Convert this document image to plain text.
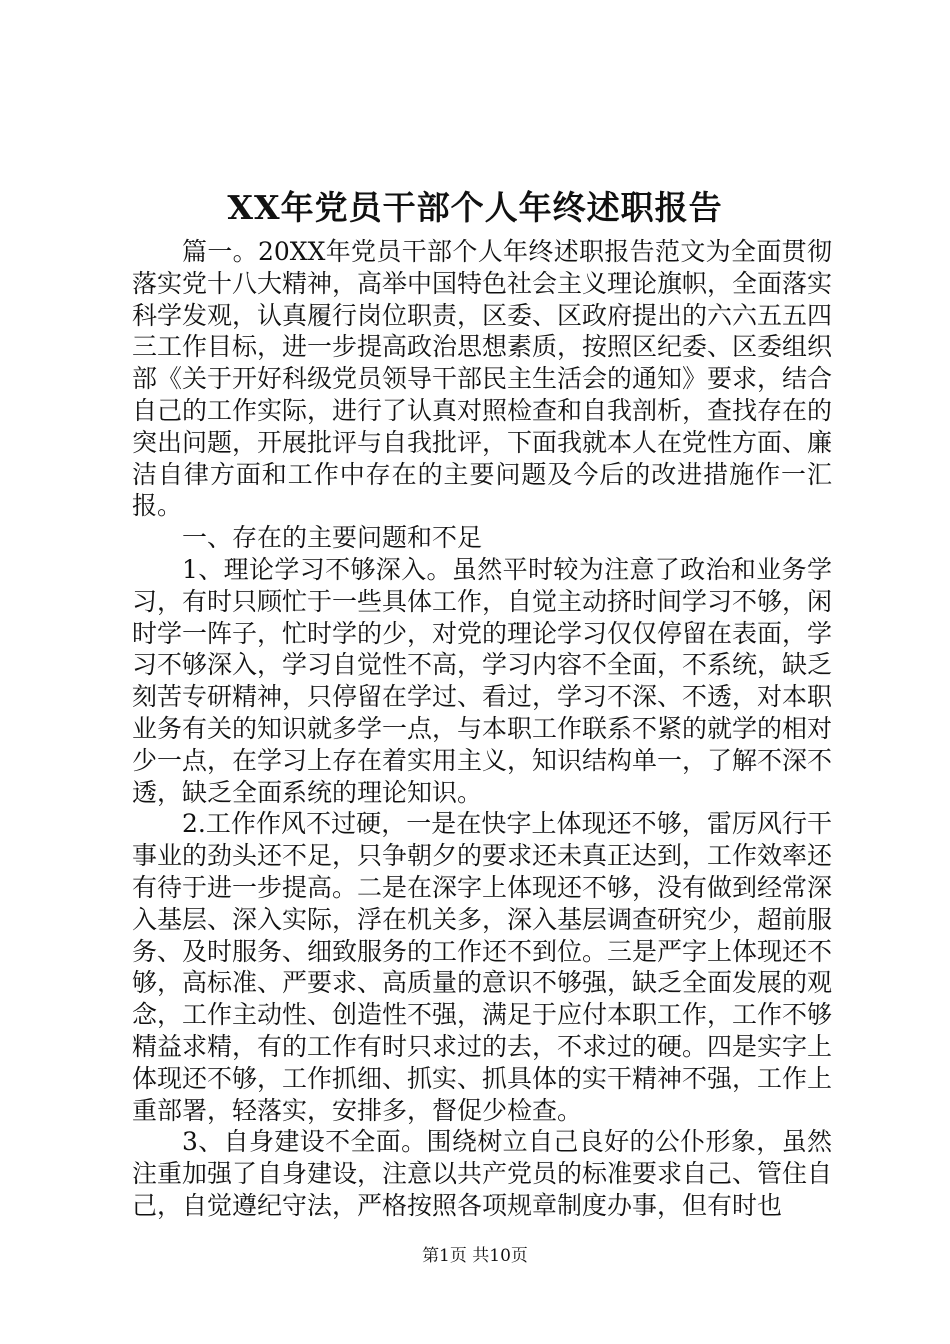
XX年党员干部个人年终述职报告

篇一。20XX年党员干部个人年终述职报告范文为全面贯彻落实党十八大精神，高举中国特色社会主义理论旗帜，全面落实科学发观，认真履行岗位职责，区委、区政府提出的六六五五四三工作目标，进一步提高政治思想素质，按照区纪委、区委组织部《关于开好科级党员领导干部民主生活会的通知》要求，结合自己的工作实际，进行了认真对照检查和自我剖析，查找存在的突出问题，开展批评与自我批评，下面我就本人在党性方面、廉洁自律方面和工作中存在的主要问题及今后的改进措施作一汇报。

一、存在的主要问题和不足

1、理论学习不够深入。虽然平时较为注意了政治和业务学习，有时只顾忙于一些具体工作，自觉主动挤时间学习不够，闲时学一阵子，忙时学的少，对党的理论学习仅仅停留在表面，学习不够深入，学习自觉性不高，学习内容不全面，不系统，缺乏刻苦专研精神，只停留在学过、看过，学习不深、不透，对本职业务有关的知识就多学一点，与本职工作联系不紧的就学的相对少一点，在学习上存在着实用主义，知识结构单一，了解不深不透，缺乏全面系统的理论知识。

2.工作作风不过硬，一是在快字上体现还不够，雷厉风行干事业的劲头还不足，只争朝夕的要求还未真正达到，工作效率还有待于进一步提高。二是在深字上体现还不够，没有做到经常深入基层、深入实际，浮在机关多，深入基层调查研究少，超前服务、及时服务、细致服务的工作还不到位。三是严字上体现还不够，高标准、严要求、高质量的意识不够强，缺乏全面发展的观念，工作主动性、创造性不强，满足于应付本职工作，工作不够精益求精，有的工作有时只求过的去，不求过的硬。四是实字上体现还不够，工作抓细、抓实、抓具体的实干精神不强，工作上重部署，轻落实，安排多，督促少检查。

3、自身建设不全面。围绕树立自己良好的公仆形象，虽然注重加强了自身建设，注意以共产党员的标准要求自己、管住自己，自觉遵纪守法，严格按照各项规章制度办事，但有时也

第1页 共10页
